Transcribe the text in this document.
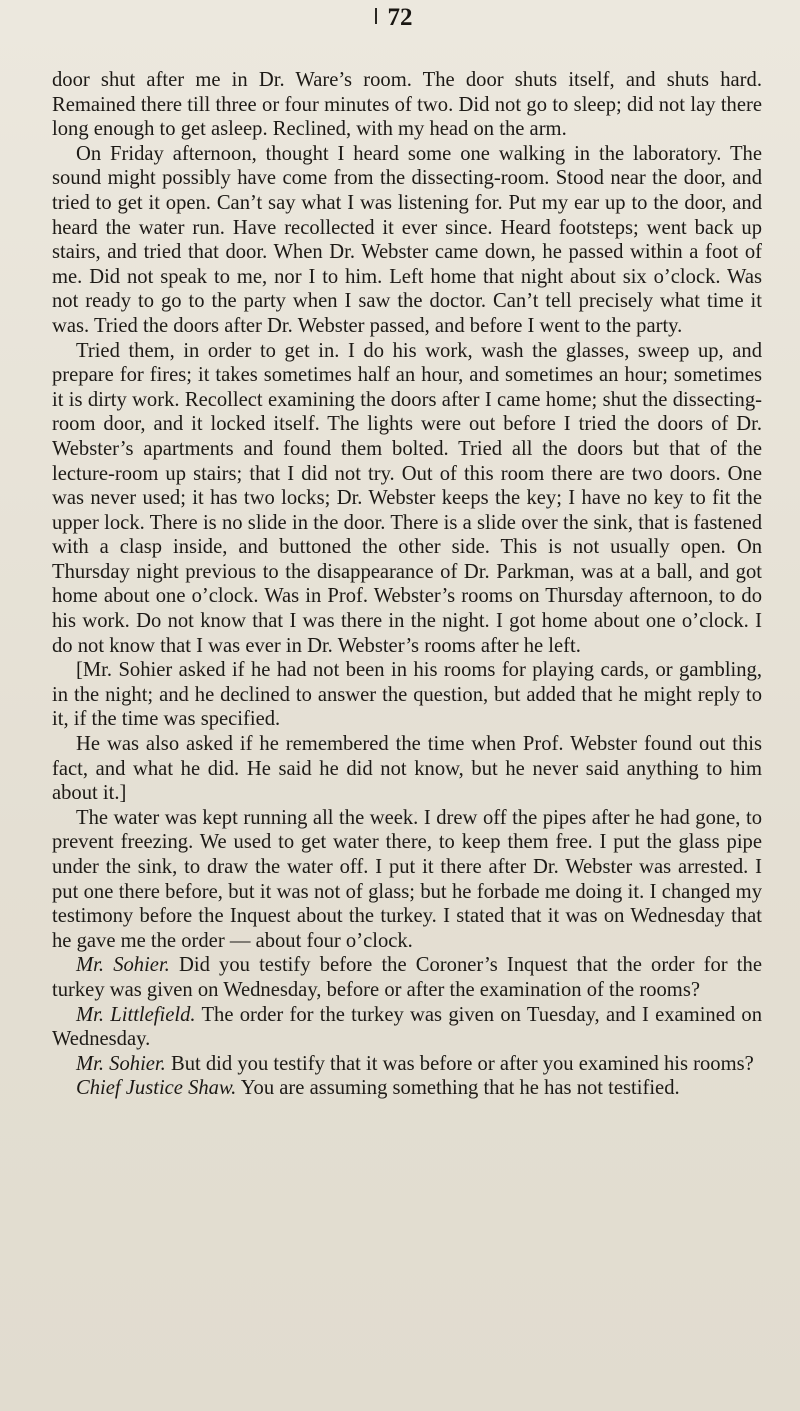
72

door shut after me in Dr. Ware’s room. The door shuts itself, and shuts hard. Remained there till three or four minutes of two. Did not go to sleep; did not lay there long enough to get asleep. Reclined, with my head on the arm.

On Friday afternoon, thought I heard some one walking in the laboratory. The sound might possibly have come from the dissecting-room. Stood near the door, and tried to get it open. Can’t say what I was listening for. Put my ear up to the door, and heard the water run. Have recollected it ever since. Heard footsteps; went back up stairs, and tried that door. When Dr. Webster came down, he passed within a foot of me. Did not speak to me, nor I to him. Left home that night about six o’clock. Was not ready to go to the party when I saw the doctor. Can’t tell precisely what time it was. Tried the doors after Dr. Webster passed, and before I went to the party.

Tried them, in order to get in. I do his work, wash the glasses, sweep up, and prepare for fires; it takes sometimes half an hour, and sometimes an hour; sometimes it is dirty work. Recollect examining the doors after I came home; shut the dissecting-room door, and it locked itself. The lights were out before I tried the doors of Dr. Webster’s apartments and found them bolted. Tried all the doors but that of the lecture-room up stairs; that I did not try. Out of this room there are two doors. One was never used; it has two locks; Dr. Webster keeps the key; I have no key to fit the upper lock. There is no slide in the door. There is a slide over the sink, that is fastened with a clasp inside, and buttoned the other side. This is not usually open. On Thursday night previous to the disappearance of Dr. Parkman, was at a ball, and got home about one o’clock. Was in Prof. Webster’s rooms on Thursday afternoon, to do his work. Do not know that I was there in the night. I got home about one o’clock. I do not know that I was ever in Dr. Webster’s rooms after he left.

[Mr. Sohier asked if he had not been in his rooms for playing cards, or gambling, in the night; and he declined to answer the question, but added that he might reply to it, if the time was specified.

He was also asked if he remembered the time when Prof. Webster found out this fact, and what he did. He said he did not know, but he never said anything to him about it.]

The water was kept running all the week. I drew off the pipes after he had gone, to prevent freezing. We used to get water there, to keep them free. I put the glass pipe under the sink, to draw the water off. I put it there after Dr. Webster was arrested. I put one there before, but it was not of glass; but he forbade me doing it. I changed my testimony before the Inquest about the turkey. I stated that it was on Wednesday that he gave me the order — about four o’clock.

Mr. Sohier. Did you testify before the Coroner’s Inquest that the order for the turkey was given on Wednesday, before or after the examination of the rooms?

Mr. Littlefield. The order for the turkey was given on Tuesday, and I examined on Wednesday.

Mr. Sohier. But did you testify that it was before or after you examined his rooms?

Chief Justice Shaw. You are assuming something that he has not testified.
